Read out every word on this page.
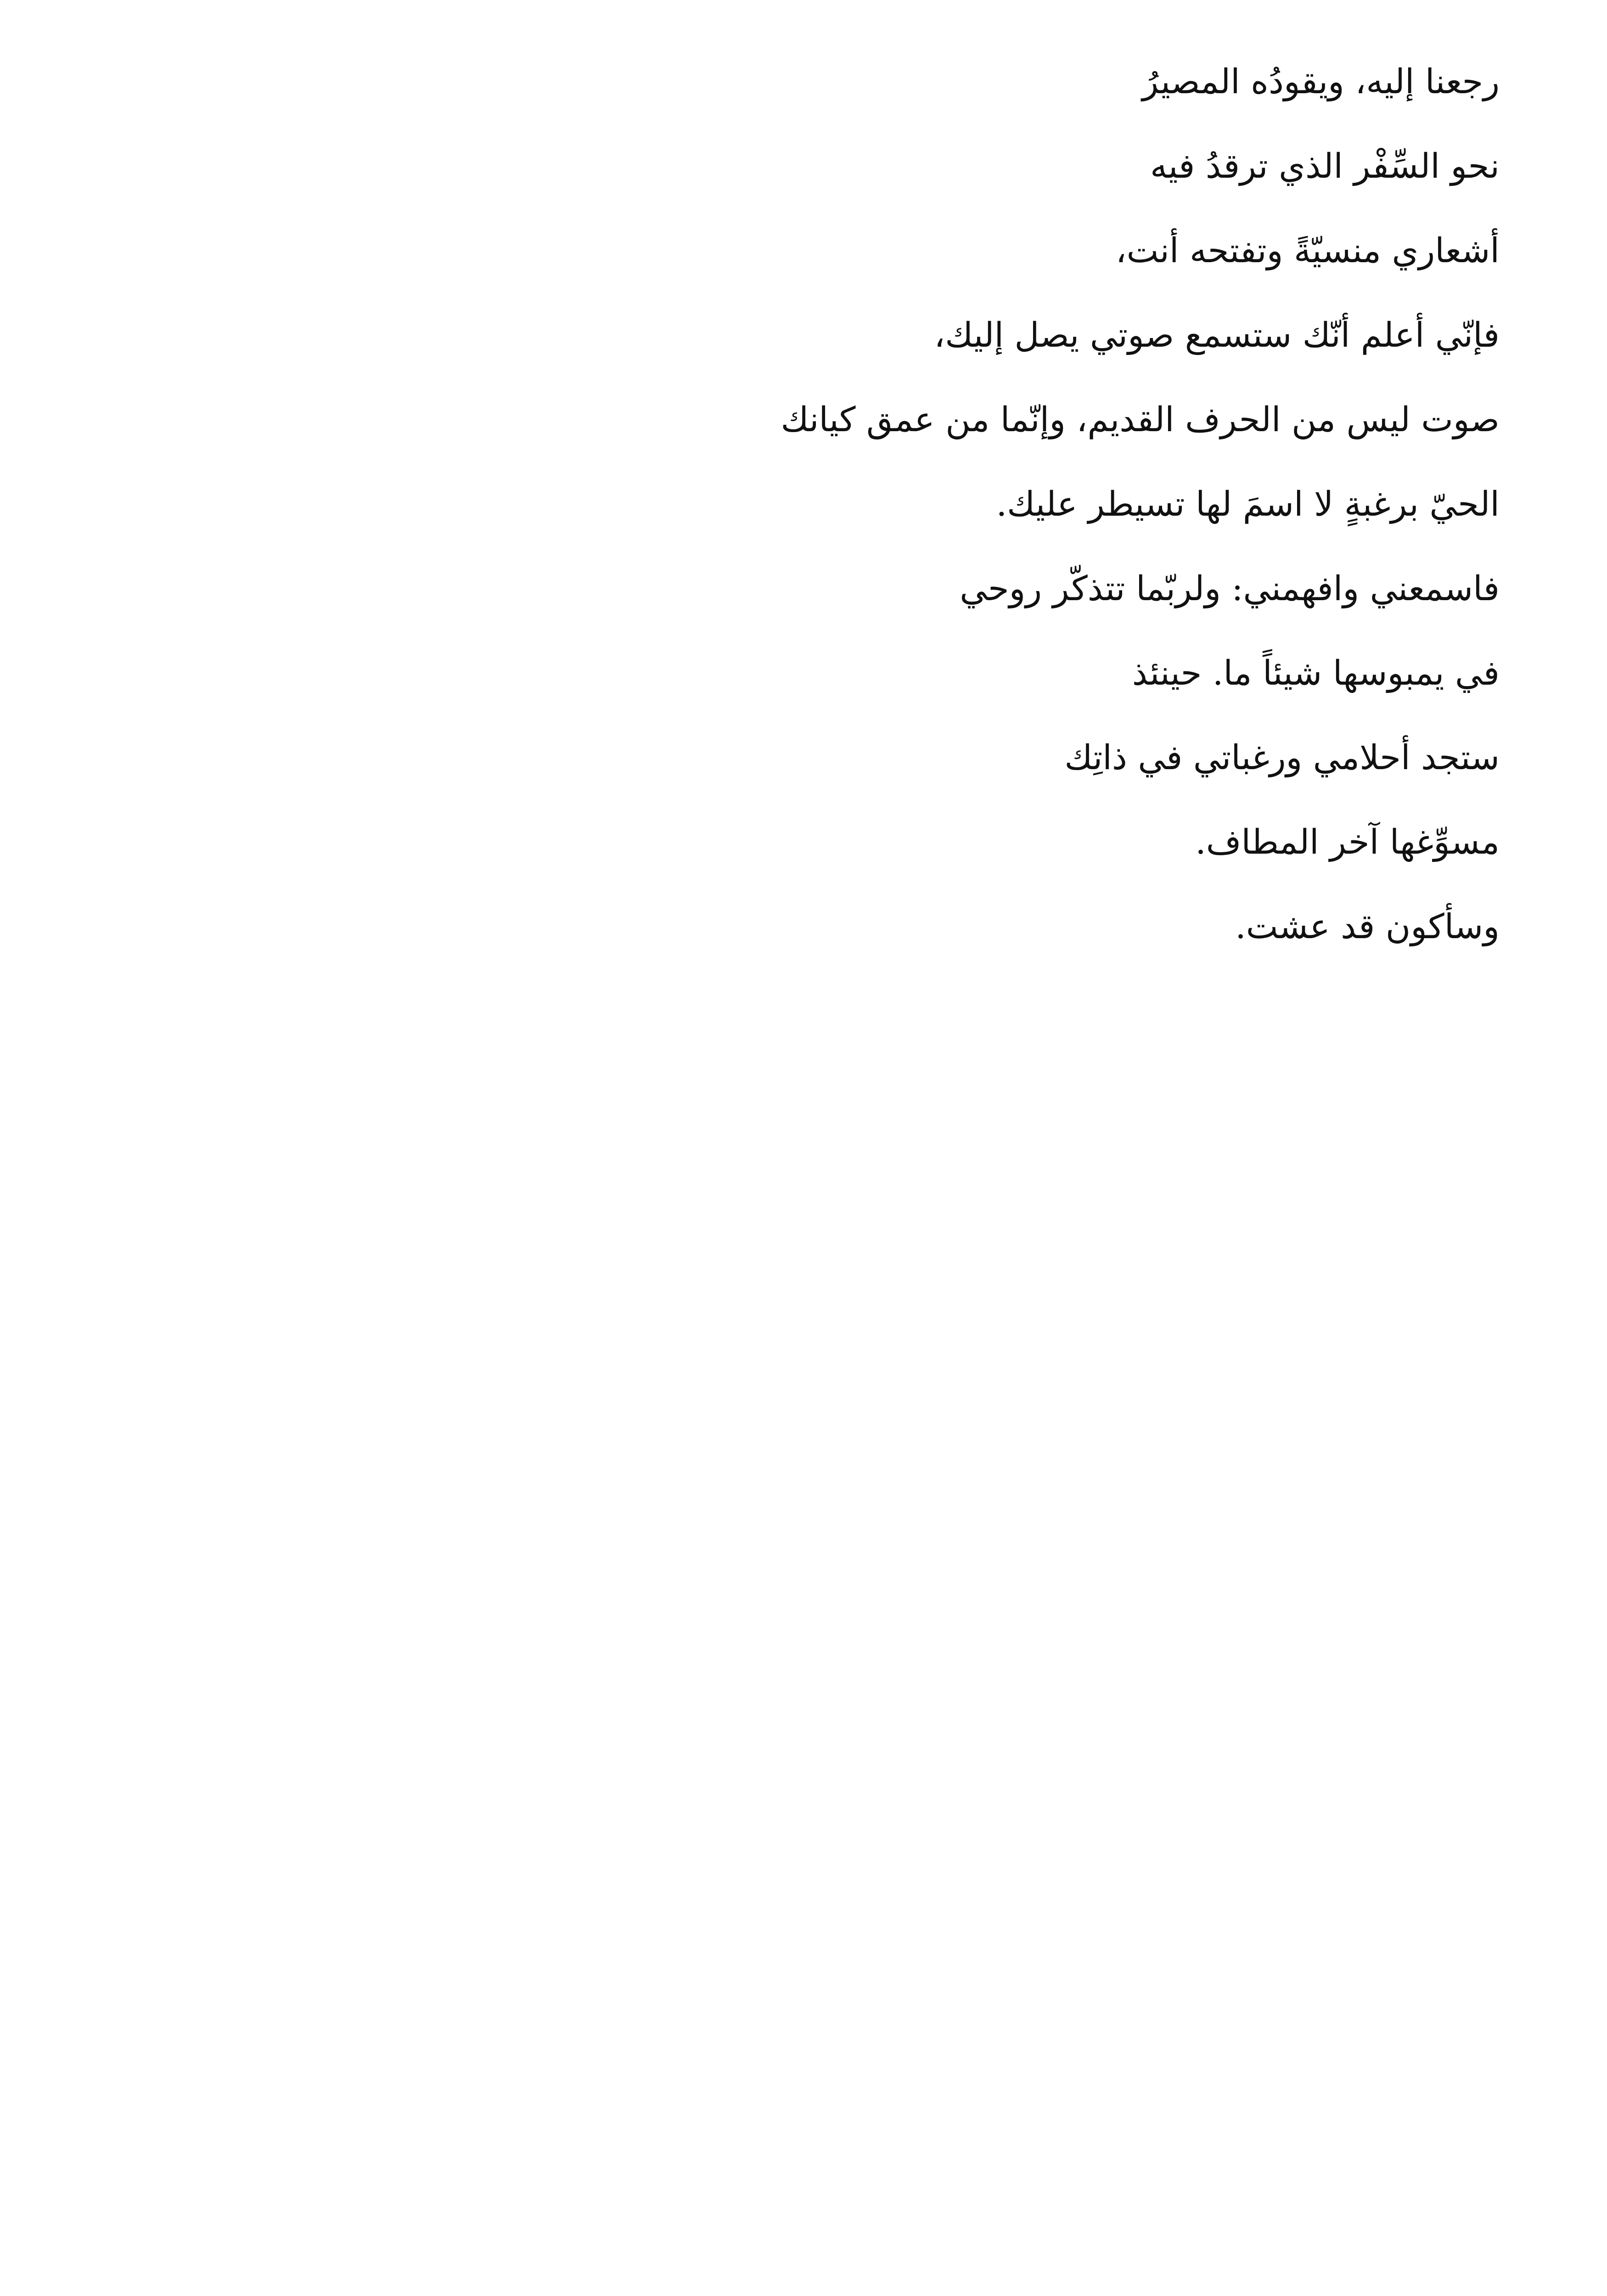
رجعنا إليه، ويقودُه المصيرُ
نحو السِّفْر الذي ترقدُ فيه
أشعاري منسيّةً وتفتحه أنت،
فإنّي أعلم أنّك ستسمع صوتي يصل إليك،
صوت ليس من الحرف القديم، وإنّما من عمق كيانك
الحيّ برغبةٍ لا اسمَ لها تسيطر عليك.
فاسمعني وافهمني: ولربّما تتذكّر روحي
في يمبوسها شيئاً ما. حينئذ
ستجد أحلامي ورغباتي في ذاتِك
مسوِّغها آخر المطاف.
وسأكون قد عشت.
